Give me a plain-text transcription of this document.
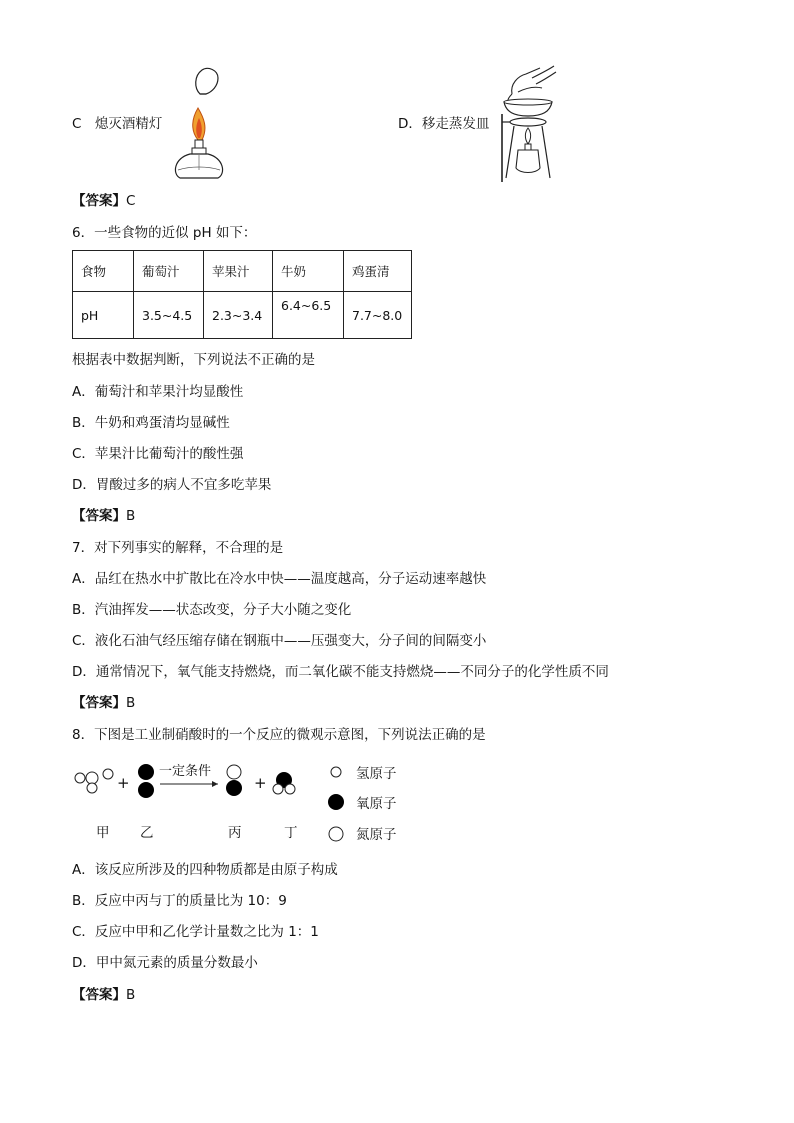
C　熄灭酒精灯	D．移走蒸发皿
【答案】C
6．一些食物的近似 pH 如下：
食物	葡萄汁	苹果汁	牛奶	鸡蛋清
pH	3.5~4.5	2.3~3.4	6.4~6.5	7.7~8.0
根据表中数据判断，下列说法不正确的是
A．葡萄汁和苹果汁均显酸性
B．牛奶和鸡蛋清均显碱性
C．苹果汁比葡萄汁的酸性强
D．胃酸过多的病人不宜多吃苹果
【答案】B
7．对下列事实的解释，不合理的是
A．品红在热水中扩散比在冷水中快——温度越高，分子运动速率越快
B．汽油挥发——状态改变，分子大小随之变化
C．液化石油气经压缩存储在钢瓶中——压强变大，分子间的间隔变小
D．通常情况下，氧气能支持燃烧，而二氧化碳不能支持燃烧——不同分子的化学性质不同
【答案】B
8．下图是工业制硝酸时的一个反应的微观示意图，下列说法正确的是
+
一定条件
+
甲 乙	丙	丁
氢原子
氧原子
氮原子
A．该反应所涉及的四种物质都是由原子构成
B．反应中丙与丁的质量比为 10：9
C．反应中甲和乙化学计量数之比为 1：1
D．甲中氮元素的质量分数最小
【答案】B
